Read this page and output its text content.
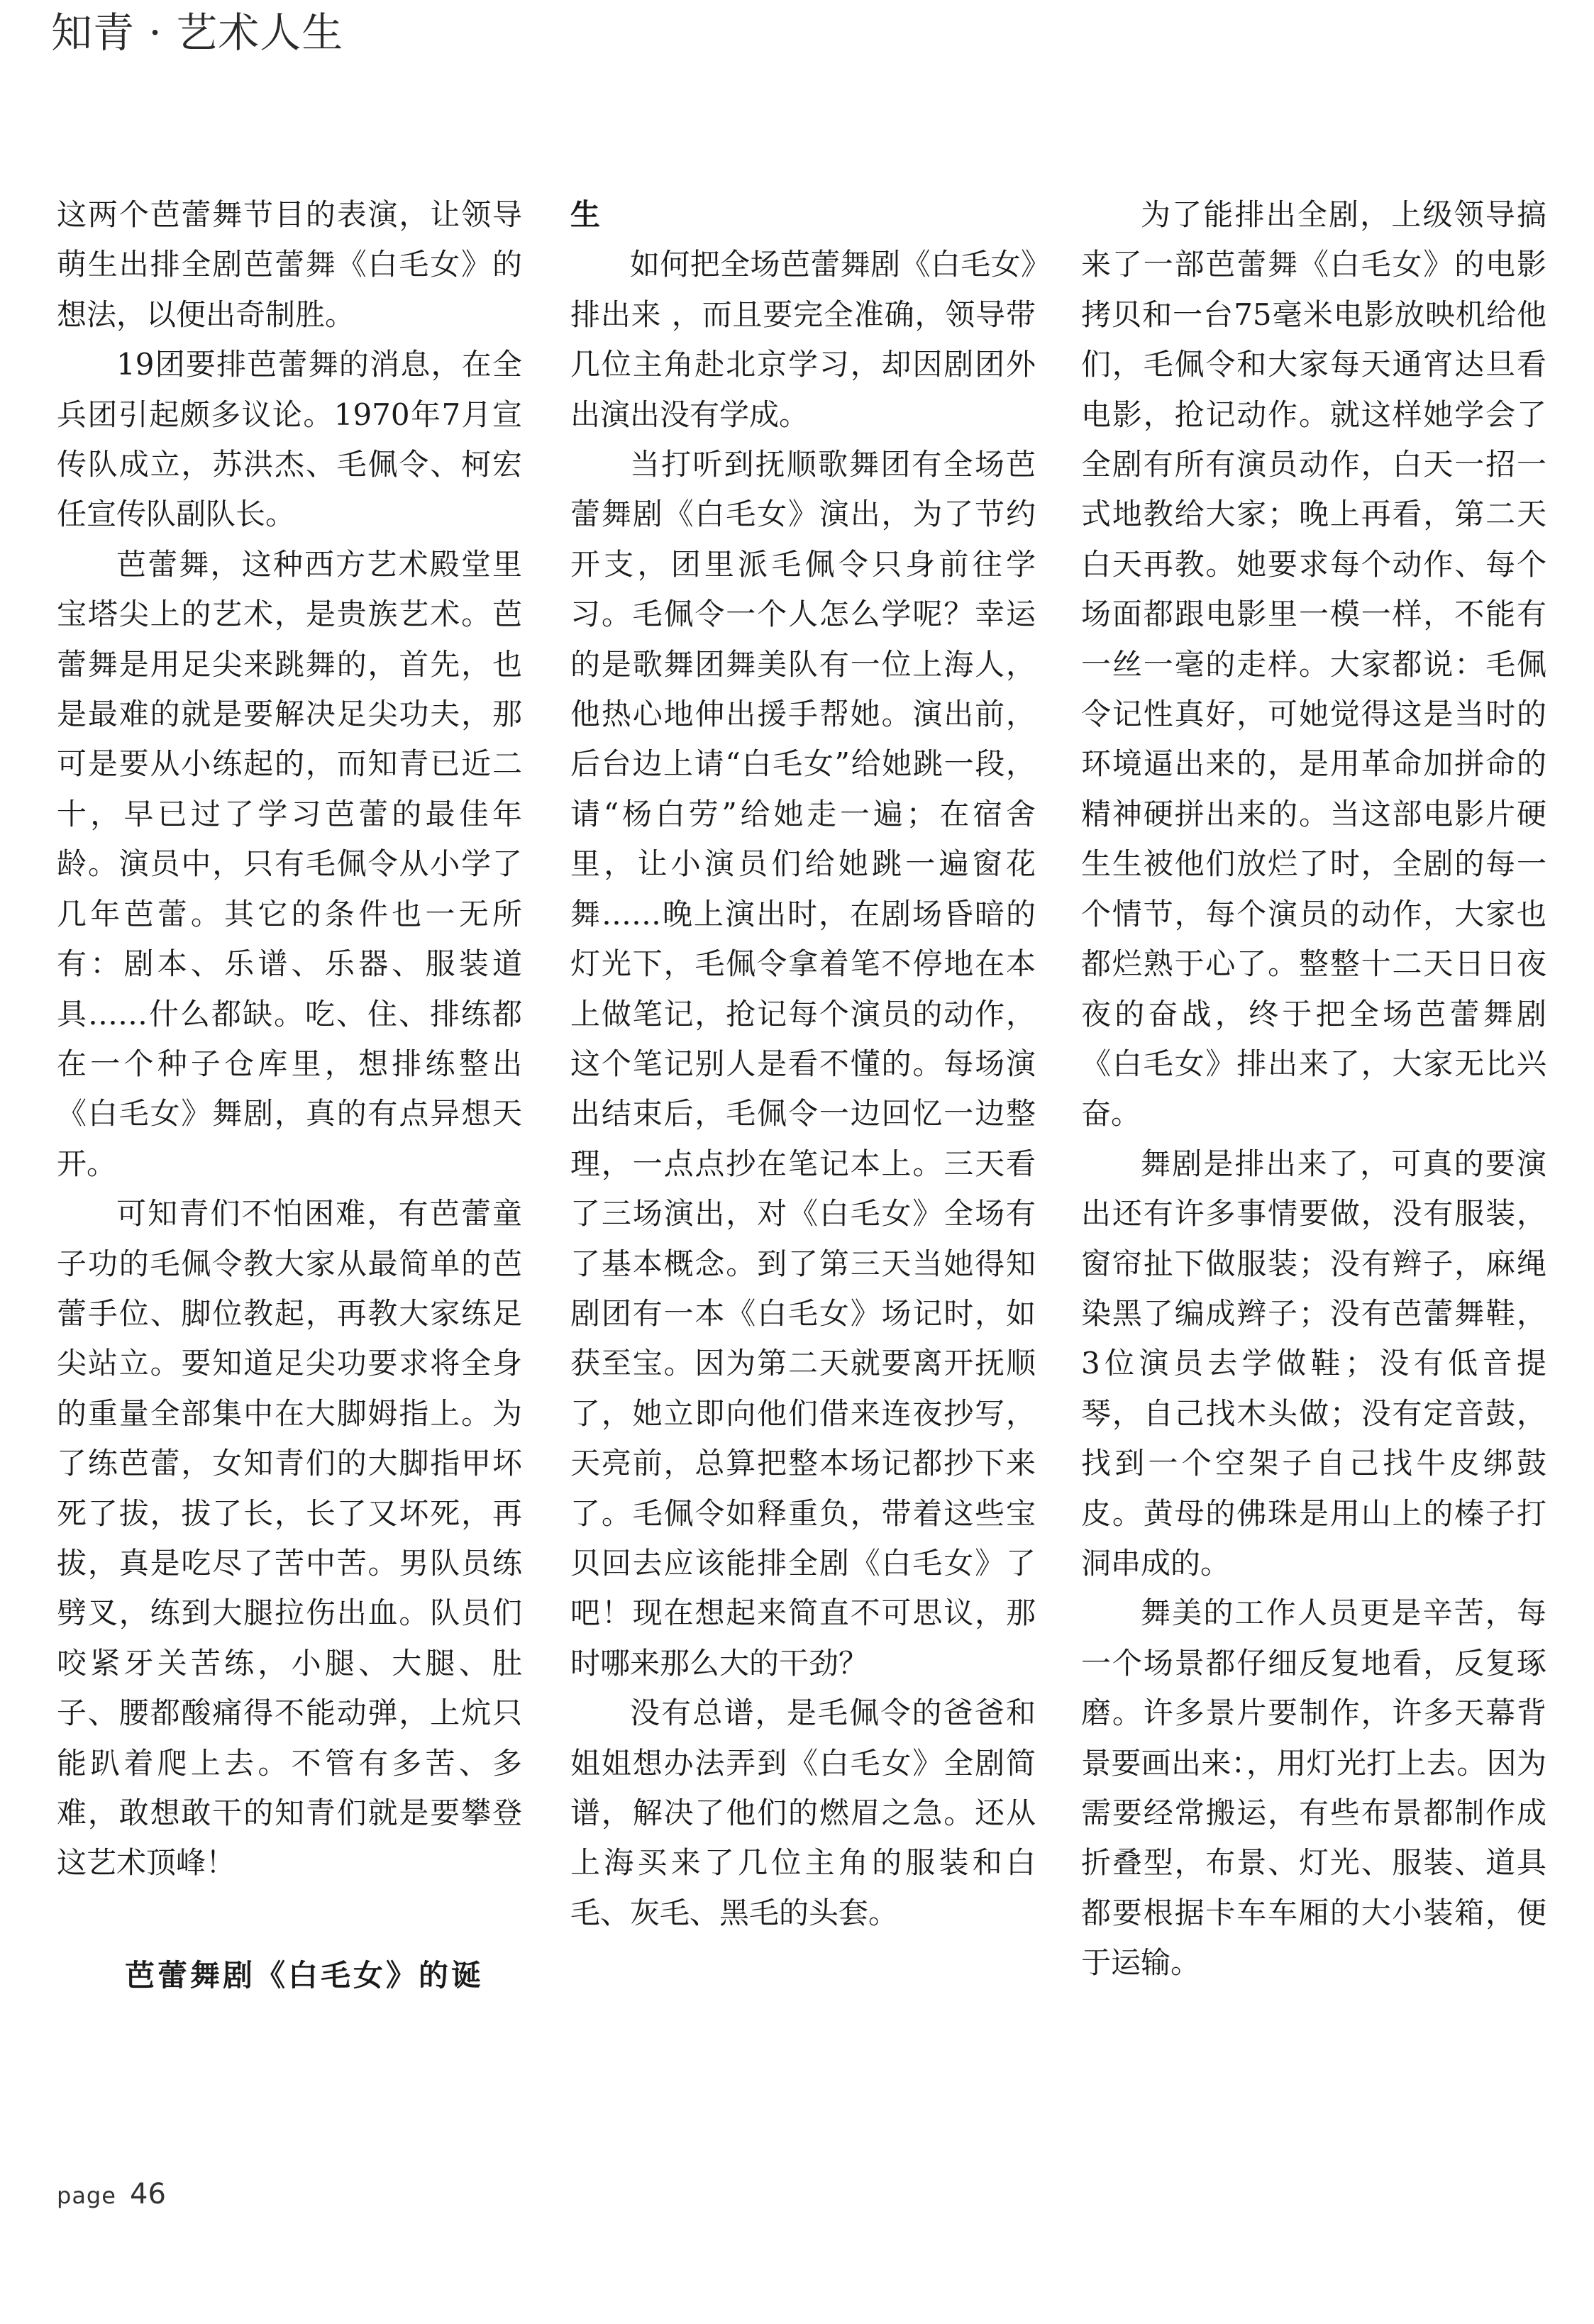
知青 · 艺术人生

这两个芭蕾舞节目的表演，让领导萌生出排全剧芭蕾舞《白毛女》的想法，以便出奇制胜。

19团要排芭蕾舞的消息，在全兵团引起颇多议论。1970年7月宣传队成立，苏洪杰、毛佩令、柯宏任宣传队副队长。

芭蕾舞，这种西方艺术殿堂里宝塔尖上的艺术，是贵族艺术。芭蕾舞是用足尖来跳舞的，首先，也是最难的就是要解决足尖功夫，那可是要从小练起的，而知青已近二十，早已过了学习芭蕾的最佳年龄。演员中，只有毛佩令从小学了几年芭蕾。其它的条件也一无所有：剧本、乐谱、乐器、服装道具……什么都缺。吃、住、排练都在一个种子仓库里，想排练整出《白毛女》舞剧，真的有点异想天开。

可知青们不怕困难，有芭蕾童子功的毛佩令教大家从最简单的芭蕾手位、脚位教起，再教大家练足尖站立。要知道足尖功要求将全身的重量全部集中在大脚姆指上。为了练芭蕾，女知青们的大脚指甲坏死了拔，拔了长，长了又坏死，再拔，真是吃尽了苦中苦。男队员练劈叉，练到大腿拉伤出血。队员们咬紧牙关苦练，小腿、大腿、肚子、腰都酸痛得不能动弹，上炕只能趴着爬上去。不管有多苦、多难，敢想敢干的知青们就是要攀登这艺术顶峰！

芭蕾舞剧《白毛女》的诞
生

如何把全场芭蕾舞剧《白毛女》排出来 ，而且要完全准确，领导带几位主角赴北京学习，却因剧团外出演出没有学成。

当打听到抚顺歌舞团有全场芭蕾舞剧《白毛女》演出，为了节约开支，团里派毛佩令只身前往学习。毛佩令一个人怎么学呢？幸运的是歌舞团舞美队有一位上海人，他热心地伸出援手帮她。演出前，后台边上请“白毛女”给她跳一段，请“杨白劳”给她走一遍；在宿舍里，让小演员们给她跳一遍窗花舞……晚上演出时，在剧场昏暗的灯光下，毛佩令拿着笔不停地在本上做笔记，抢记每个演员的动作，这个笔记别人是看不懂的。每场演出结束后，毛佩令一边回忆一边整理，一点点抄在笔记本上。三天看了三场演出，对《白毛女》全场有了基本概念。到了第三天当她得知剧团有一本《白毛女》场记时，如获至宝。因为第二天就要离开抚顺了，她立即向他们借来连夜抄写，天亮前，总算把整本场记都抄下来了。毛佩令如释重负，带着这些宝贝回去应该能排全剧《白毛女》了吧！现在想起来简直不可思议，那时哪来那么大的干劲？

没有总谱，是毛佩令的爸爸和姐姐想办法弄到《白毛女》全剧简谱，解决了他们的燃眉之急。还从上海买来了几位主角的服装和白毛、灰毛、黑毛的头套。

为了能排出全剧，上级领导搞来了一部芭蕾舞《白毛女》的电影拷贝和一台75毫米电影放映机给他们，毛佩令和大家每天通宵达旦看电影，抢记动作。就这样她学会了全剧有所有演员动作，白天一招一式地教给大家；晚上再看，第二天白天再教。她要求每个动作、每个场面都跟电影里一模一样，不能有一丝一毫的走样。大家都说：毛佩令记性真好，可她觉得这是当时的环境逼出来的，是用革命加拼命的精神硬拼出来的。当这部电影片硬生生被他们放烂了时，全剧的每一个情节，每个演员的动作，大家也都烂熟于心了。整整十二天日日夜夜的奋战，终于把全场芭蕾舞剧《白毛女》排出来了，大家无比兴奋。

舞剧是排出来了，可真的要演出还有许多事情要做，没有服装，窗帘扯下做服装；没有辫子，麻绳染黑了编成辫子；没有芭蕾舞鞋，3位演员去学做鞋；没有低音提琴，自己找木头做；没有定音鼓，找到一个空架子自己找牛皮绑鼓皮。黄母的佛珠是用山上的榛子打洞串成的。

舞美的工作人员更是辛苦，每一个场景都仔细反复地看，反复琢磨。许多景片要制作，许多天幕背景要画出来：，用灯光打上去。因为需要经常搬运，有些布景都制作成折叠型，布景、灯光、服装、道具都要根据卡车车厢的大小装箱，便于运输。

page 46
